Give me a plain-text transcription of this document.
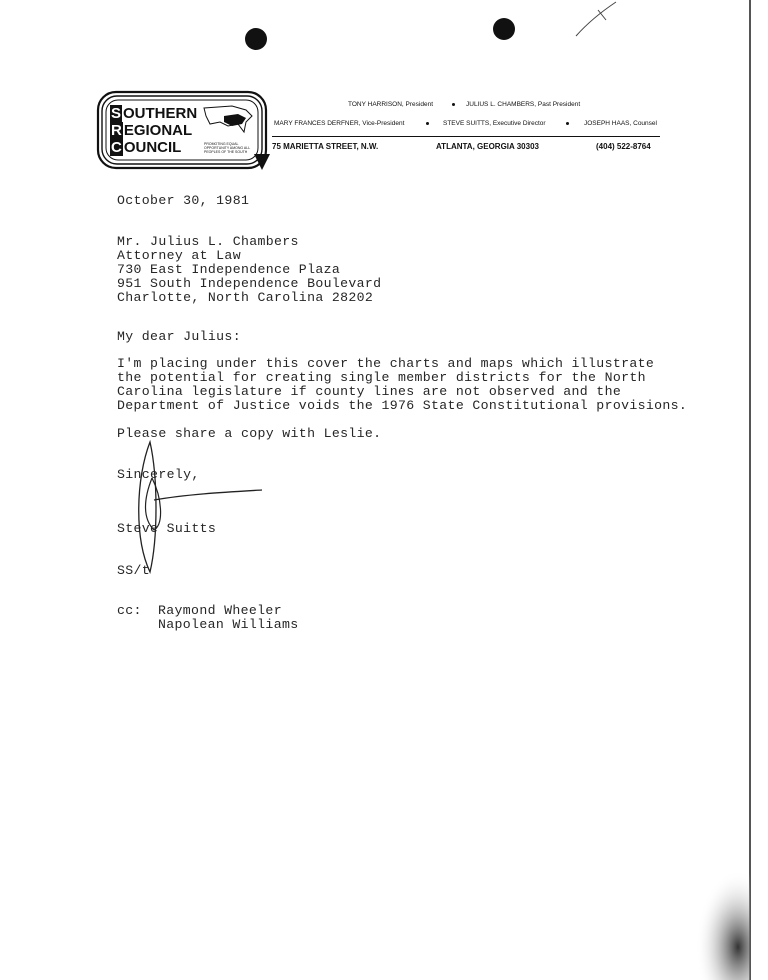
S OUTHERN
R EGIONAL
C OUNCIL	PROMOTING EQUAL OPPORTUNITY AMONG ALL PEOPLES OF THE SOUTH
TONY HARRISON, President	JULIUS L. CHAMBERS, Past President
MARY FRANCES DERFNER, Vice-President	STEVE SUITTS, Executive Director	JOSEPH HAAS, Counsel
75 MARIETTA STREET, N.W.	ATLANTA, GEORGIA 30303	(404) 522-8764
October 30, 1981
Mr. Julius L. Chambers
Attorney at Law
730 East Independence Plaza
951 South Independence Boulevard
Charlotte, North Carolina 28202
My dear Julius:
I'm placing under this cover the charts and maps which illustrate
the potential for creating single member districts for the North
Carolina legislature if county lines are not observed and the
Department of Justice voids the 1976 State Constitutional provisions.
Please share a copy with Leslie.
Sincerely,
Steve Suitts
SS/t
cc: Raymond Wheeler
Napolean Williams
